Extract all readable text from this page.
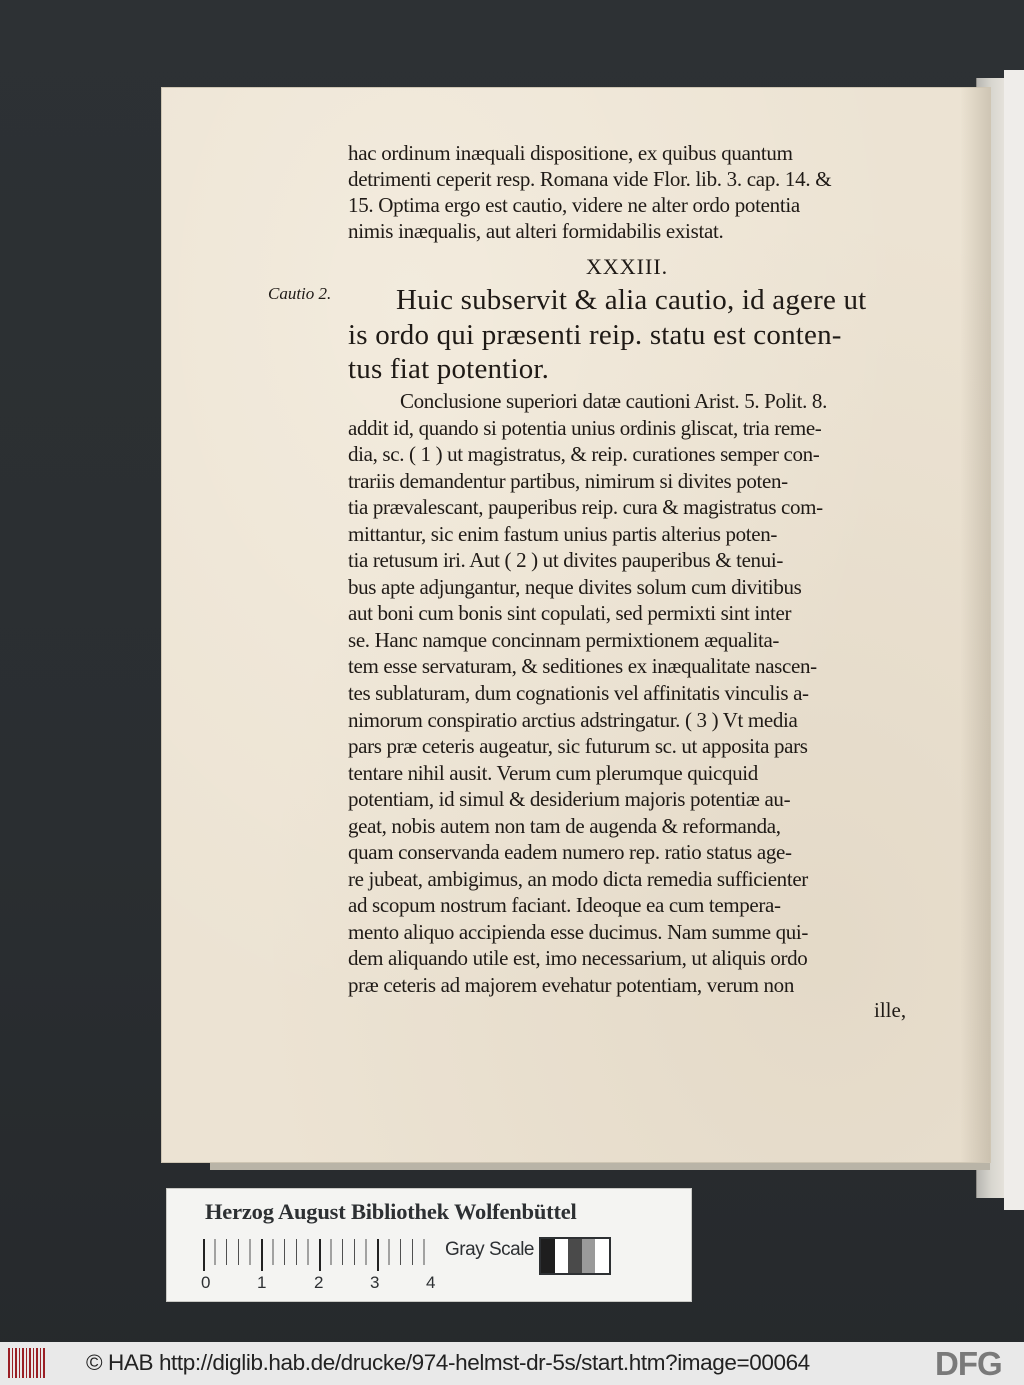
hac ordinum inæquali dispositione, ex quibus quantum
detrimenti ceperit resp. Romana vide Flor. lib. 3. cap. 14. &
15. Optima ergo est cautio, videre ne alter ordo potentia
nimis inæqualis, aut alteri formidabilis existat.
XXXIII.
Cautio 2.	Huic subservit & alia cautio, id agere ut
is ordo qui præsenti reip. statu est conten-
tus fiat potentior.
Conclusione superiori datæ cautioni Arist. 5. Polit. 8.
addit id, quando si potentia unius ordinis gliscat, tria reme-
dia, sc. ( 1 ) ut magistratus, & reip. curationes semper con-
trariis demandentur partibus, nimirum si divites poten-
tia prævalescant, pauperibus reip. cura & magistratus com-
mittantur, sic enim fastum unius partis alterius poten-
tia retusum iri. Aut ( 2 ) ut divites pauperibus & tenui-
bus apte adjungantur, neque divites solum cum divitibus
aut boni cum bonis sint copulati, sed permixti sint inter
se. Hanc namque concinnam permixtionem æqualita-
tem esse servaturam, & seditiones ex inæqualitate nascen-
tes sublaturam, dum cognationis vel affinitatis vinculis a-
nimorum conspiratio arctius adstringatur. ( 3 ) Vt media
pars præ ceteris augeatur, sic futurum sc. ut apposita pars
tentare nihil ausit. Verum cum plerumque quicquid
potentiam, id simul & desiderium majoris potentiæ au-
geat, nobis autem non tam de augenda & reformanda,
quam conservanda eadem numero rep. ratio status age-
re jubeat, ambigimus, an modo dicta remedia sufficienter
ad scopum nostrum faciant. Ideoque ea cum tempera-
mento aliquo accipienda esse ducimus. Nam summe qui-
dem aliquando utile est, imo necessarium, ut aliquis ordo
præ ceteris ad majorem evehatur potentiam, verum non
ille,
Herzog August Bibliothek Wolfenbüttel
0	1	2	3	4
Gray Scale
© HAB http://diglib.hab.de/drucke/974-helmst-dr-5s/start.htm?image=00064	DFG
